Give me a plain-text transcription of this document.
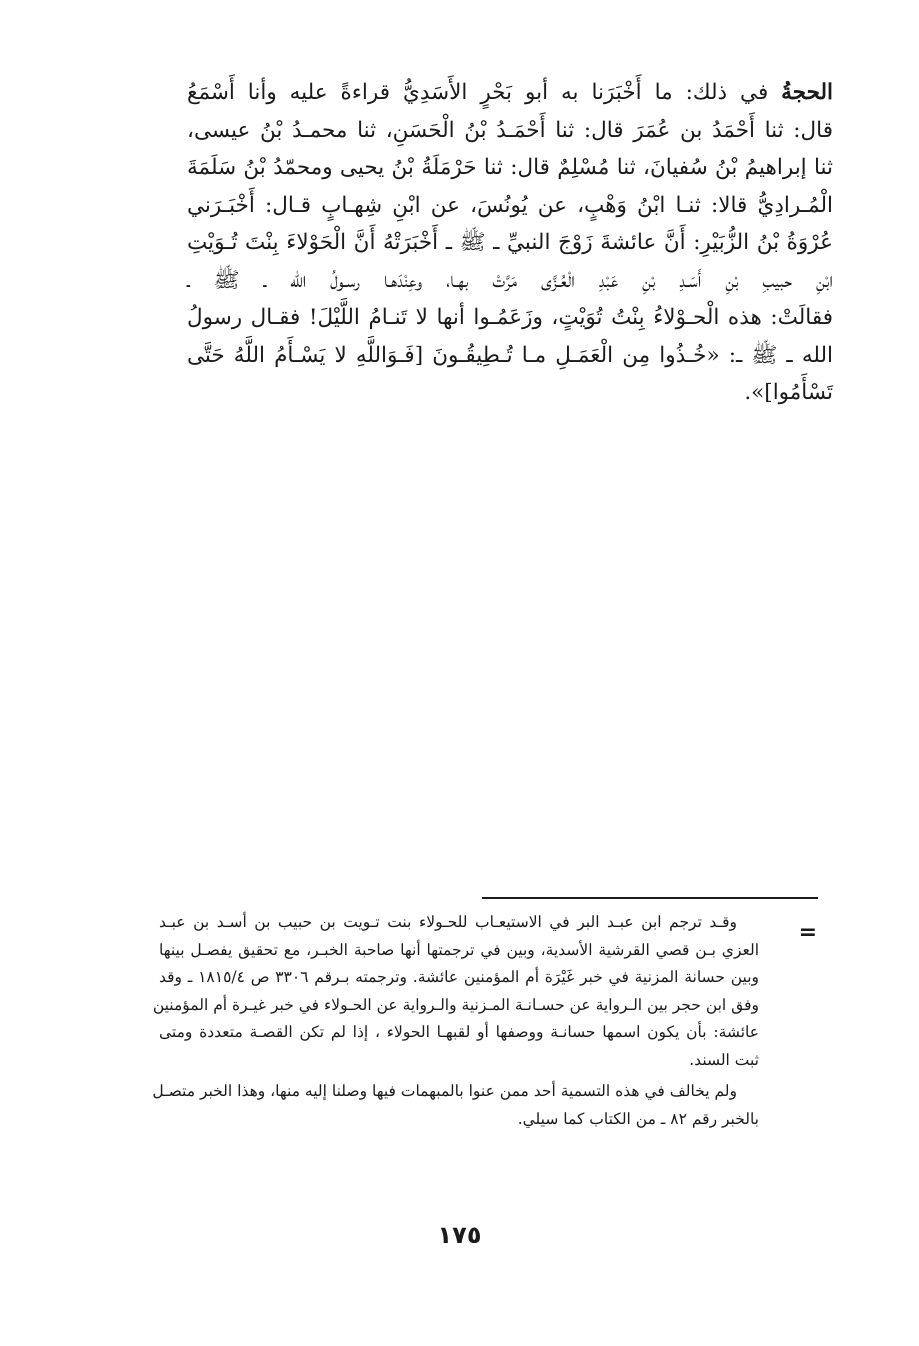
الحجةُ في ذلك: ما أَخْبَرَنا به أبو بَحْرٍ الأَسَدِيُّ قراءةً عليه وأنا أَسْمَعُ
قال: ثنا أَحْمَدُ بن عُمَرَ قال: ثنا أَحْمَـدُ بْنُ الْحَسَنِ، ثنا محمـدُ بْنُ عيسى،
ثنا إبراهيمُ بْنُ سُفيانَ، ثنا مُسْلِمٌ قال: ثنا حَرْمَلَةُ بْنُ يحيى ومحمّدُ بْنُ سَلَمَةَ
الْمُـرادِيُّ قالا: ثنـا ابْنُ وَهْبٍ، عن يُونُسَ، عن ابْنِ شِهـابٍ قـال: أَخْبَـرَني
عُرْوَةُ بْنُ الزُّبَيْرِ: أَنَّ عائشةَ زَوْجَ النبيِّ ـ ﷺ ـ أَخْبَرَتْهُ أَنَّ الْحَوْلاءَ بِنْتَ تُـوَيْتِ
ابْنِ حبيبِ بْنِ أَسَـدِ بْنِ عَبْدِ الْعُـزَّى مَرَّتْ بهـا، وعِنْدَهـا رسـولُ الله ـ ﷺ ـ
فقالَتْ: هذه الْحـوْلاءُ بِنْتُ تُوَيْتٍ، وزَعَمُـوا أنها لا تَنـامُ اللَّيْلَ! فقـال رسولُ
الله ـ ﷺ ـ: «خُـذُوا مِن الْعَمَـلِ مـا تُـطِيقُـونَ [فَـوَاللَّهِ لا يَسْـأَمُ اللَّهُ حَتَّى
تَسْأَمُوا]».
=
وقـد ترجم ابن عبـد البر في الاستيعـاب للحـولاء بنت تـويت بن حبيب بن أسـد بن عبـد
العزي بـن قصي القرشية الأسدية، وبين في ترجمتها أنها صاحبة الخبـر، مع تحقيق يفصـل بينها
وبين حسانة المزنية في خبر غَيْرَة أم المؤمنين عائشة. وترجمته بـرقم ٣٣٠٦ ص ١٨١٥/٤ ـ وقد
وفق ابن حجر بين الـرواية عن حسـانـة المـزنية والـرواية عن الحـولاء في خبر غيـرة أم المؤمنين
عائشة: بأن يكون اسمها حسانـة ووصفها أو لقبهـا الحولاء ، إذا لم تكن القصـة متعددة ومتى
ثبت السند.
ولم يخالف في هذه التسمية أحد ممن عنوا بالمبهمات فيها وصلنا إليه منها، وهذا الخبر متصـل
بالخبر رقم ٨٢ ـ من الكتاب كما سيلي.
١٧٥
